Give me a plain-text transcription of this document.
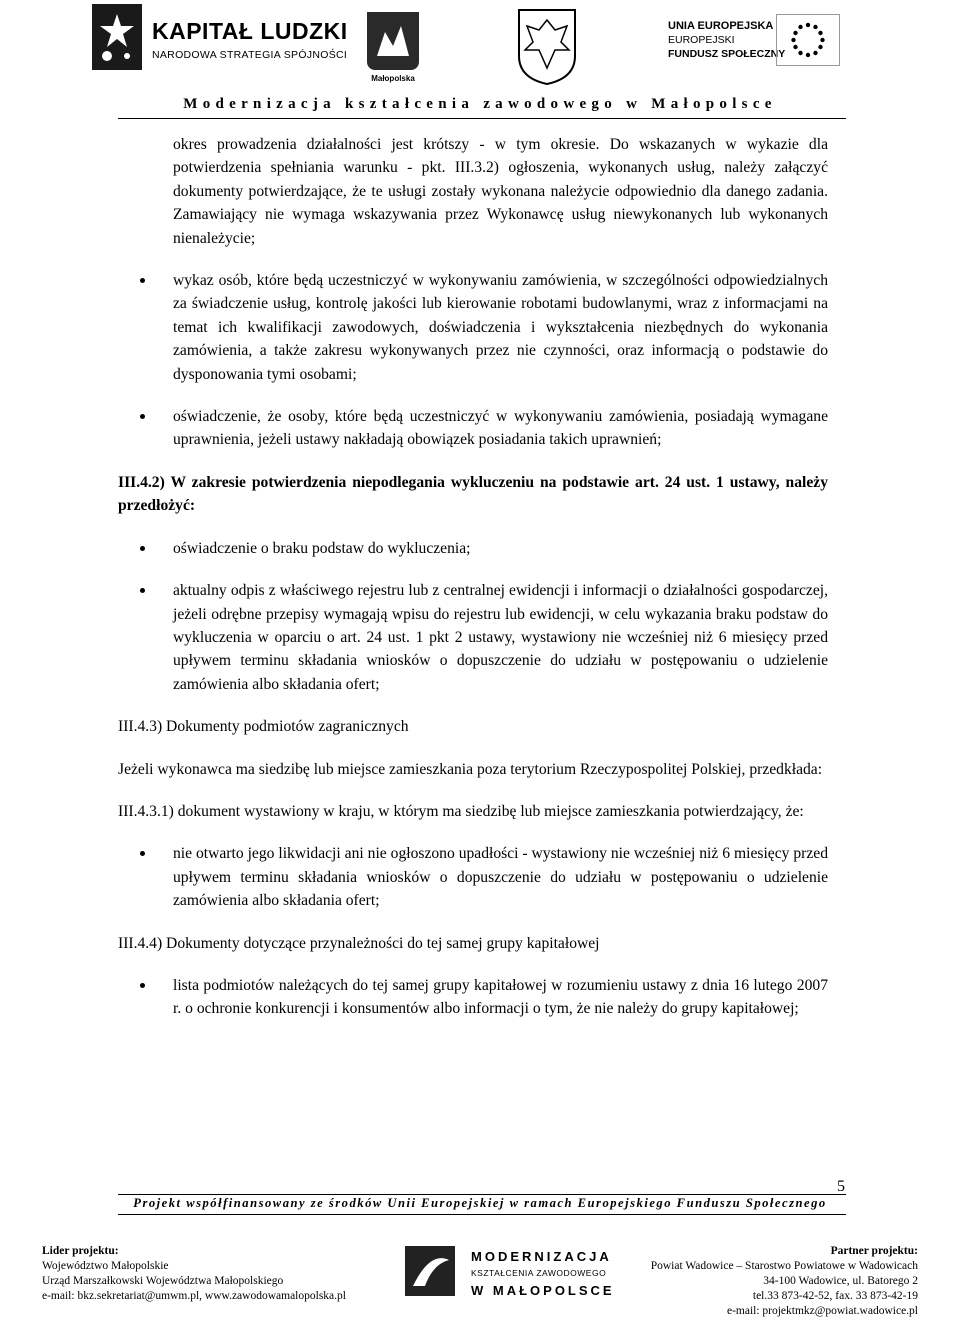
KAPITAŁ LUDZKI
NARODOWA STRATEGIA SPÓJNOŚCI
Małopolska
UNIA EUROPEJSKA
EUROPEJSKI
FUNDUSZ SPOŁECZNY
Modernizacja kształcenia zawodowego w Małopolsce

okres prowadzenia działalności jest krótszy - w tym okresie. Do wskazanych w wykazie dla potwierdzenia spełniania warunku - pkt. III.3.2) ogłoszenia, wykonanych usług, należy załączyć dokumenty potwierdzające, że te usługi zostały wykonana należycie odpowiednio dla danego zadania. Zamawiający nie wymaga wskazywania przez Wykonawcę usług niewykonanych lub wykonanych nienależycie;

wykaz osób, które będą uczestniczyć w wykonywaniu zamówienia, w szczególności odpowiedzialnych za świadczenie usług, kontrolę jakości lub kierowanie robotami budowlanymi, wraz z informacjami na temat ich kwalifikacji zawodowych, doświadczenia i wykształcenia niezbędnych do wykonania zamówienia, a także zakresu wykonywanych przez nie czynności, oraz informacją o podstawie do dysponowania tymi osobami;
oświadczenie, że osoby, które będą uczestniczyć w wykonywaniu zamówienia, posiadają wymagane uprawnienia, jeżeli ustawy nakładają obowiązek posiadania takich uprawnień;

III.4.2) W zakresie potwierdzenia niepodlegania wykluczeniu na podstawie art. 24 ust. 1 ustawy, należy przedłożyć:

oświadczenie o braku podstaw do wykluczenia;
aktualny odpis z właściwego rejestru lub z centralnej ewidencji i informacji o działalności gospodarczej, jeżeli odrębne przepisy wymagają wpisu do rejestru lub ewidencji, w celu wykazania braku podstaw do wykluczenia w oparciu o art. 24 ust. 1 pkt 2 ustawy, wystawiony nie wcześniej niż 6 miesięcy przed upływem terminu składania wniosków o dopuszczenie do udziału w postępowaniu o udzielenie zamówienia albo składania ofert;

III.4.3) Dokumenty podmiotów zagranicznych

Jeżeli wykonawca ma siedzibę lub miejsce zamieszkania poza terytorium Rzeczypospolitej Polskiej, przedkłada:

III.4.3.1) dokument wystawiony w kraju, w którym ma siedzibę lub miejsce zamieszkania potwierdzający, że:

nie otwarto jego likwidacji ani nie ogłoszono upadłości - wystawiony nie wcześniej niż 6 miesięcy przed upływem terminu składania wniosków o dopuszczenie do udziału w postępowaniu o udzielenie zamówienia albo składania ofert;

III.4.4) Dokumenty dotyczące przynależności do tej samej grupy kapitałowej

lista podmiotów należących do tej samej grupy kapitałowej w rozumieniu ustawy z dnia 16 lutego 2007 r. o ochronie konkurencji i konsumentów albo informacji o tym, że nie należy do grupy kapitałowej;
5
Projekt współfinansowany ze środków Unii Europejskiej w ramach Europejskiego Funduszu Społecznego
Lider projektu:
Województwo Małopolskie
Urząd Marszałkowski Województwa Małopolskiego
e-mail: bkz.sekretariat@umwm.pl, www.zawodowamalopolska.pl
MODERNIZACJA
KSZTAŁCENIA ZAWODOWEGO
W MAŁOPOLSCE
Partner projektu:
Powiat Wadowice – Starostwo Powiatowe w Wadowicach
34-100 Wadowice, ul. Batorego 2
tel.33 873-42-52, fax. 33 873-42-19
e-mail: projektmkz@powiat.wadowice.pl
